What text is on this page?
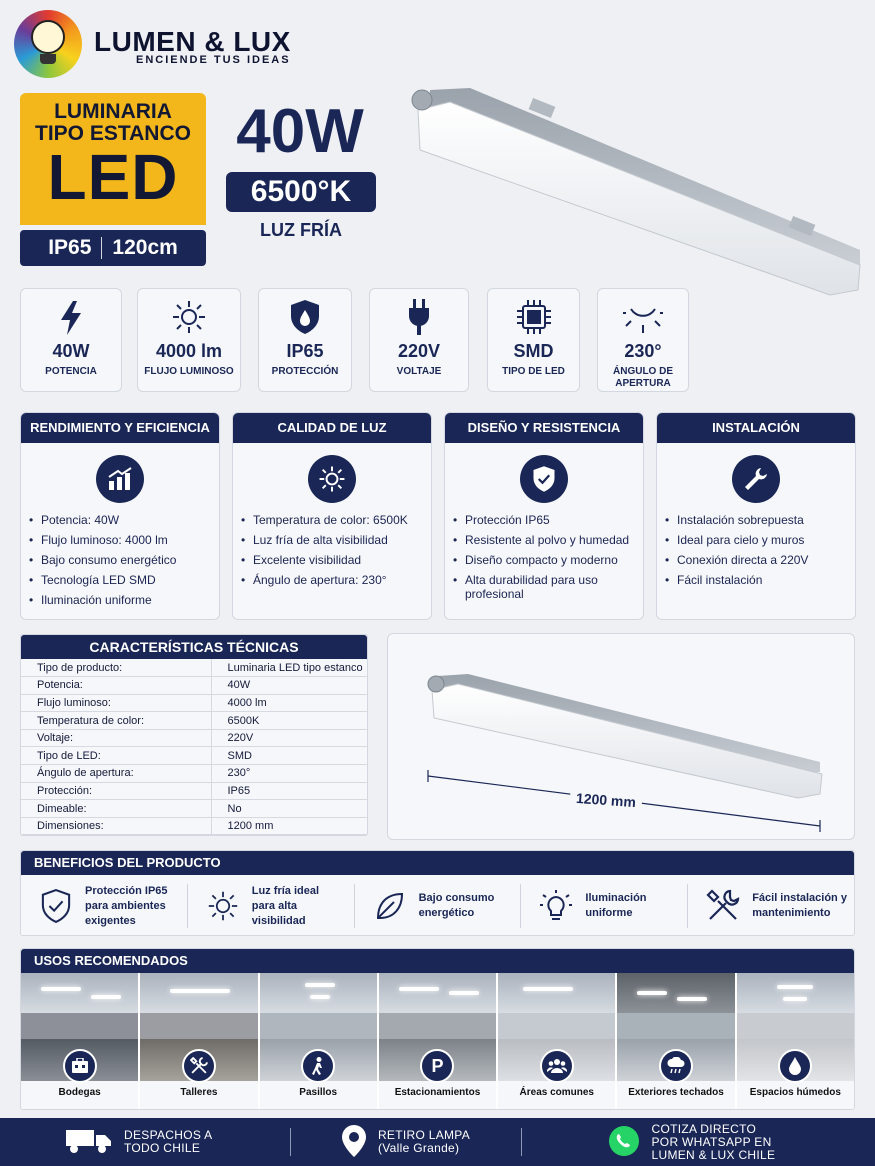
LUMEN & LUX
ENCIENDE TUS IDEAS
LUMINARIA
TIPO ESTANCO
LED
IP65 120cm
40W
6500°K
LUZ FRÍA
40W
POTENCIA
4000 lm
FLUJO LUMINOSO
IP65
PROTECCIÓN
220V
VOLTAJE
SMD
TIPO DE LED
230°
ÁNGULO DE APERTURA
RENDIMIENTO Y EFICIENCIA
• Potencia: 40W
• Flujo luminoso: 4000 lm
• Bajo consumo energético
• Tecnología LED SMD
• Iluminación uniforme
CALIDAD DE LUZ
• Temperatura de color: 6500K
• Luz fría de alta visibilidad
• Excelente visibilidad
• Ángulo de apertura: 230°
DISEÑO Y RESISTENCIA
• Protección IP65
• Resistente al polvo y humedad
• Diseño compacto y moderno
• Alta durabilidad para uso profesional
INSTALACIÓN
• Instalación sobrepuesta
• Ideal para cielo y muros
• Conexión directa a 220V
• Fácil instalación
CARACTERÍSTICAS TÉCNICAS
Tipo de producto:	Luminaria LED tipo estanco
Potencia:	40W
Flujo luminoso:	4000 lm
Temperatura de color:	6500K
Voltaje:	220V
Tipo de LED:	SMD
Ángulo de apertura:	230°
Protección:	IP65
Dimeable:	No
Dimensiones:	1200 mm
1200 mm
BENEFICIOS DEL PRODUCTO
Protección IP65 para ambientes exigentes
Luz fría ideal para alta visibilidad
Bajo consumo energético
Iluminación uniforme
Fácil instalación y mantenimiento
USOS RECOMENDADOS
Bodegas	Talleres	Pasillos
P
Estacionamientos	Áreas comunes	Exteriores techados	Espacios húmedos
DESPACHOS A TODO CHILE
RETIRO LAMPA
(Valle Grande)
COTIZA DIRECTO POR WHATSAPP EN LUMEN & LUX CHILE
